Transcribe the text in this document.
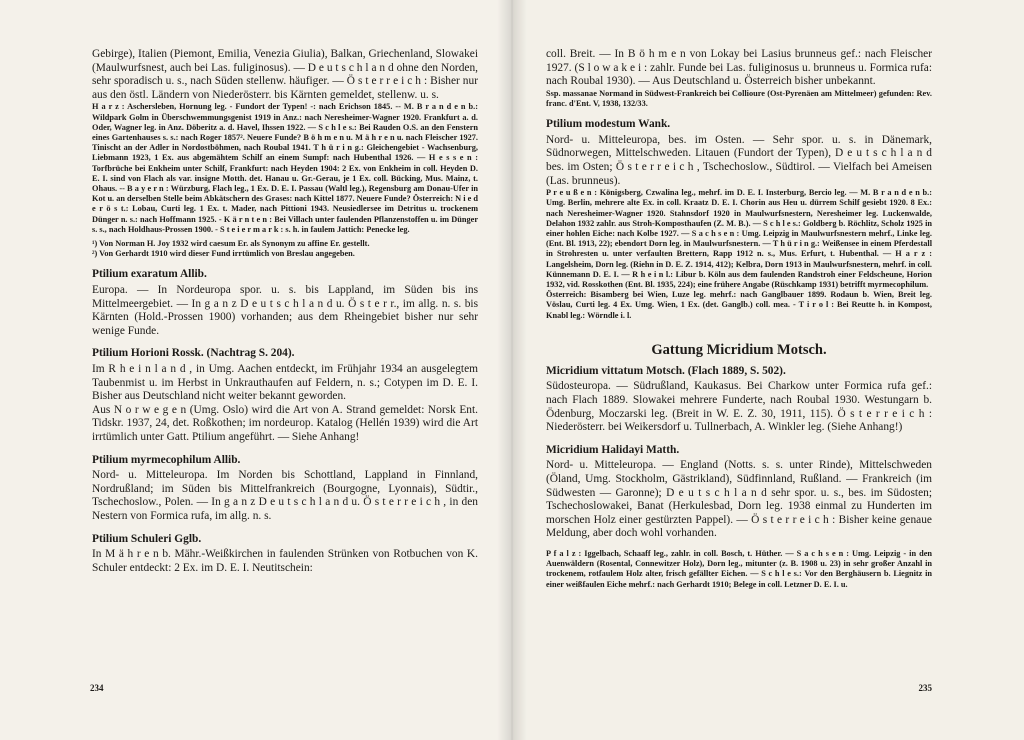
Gebirge), Italien (Piemont, Emilia, Venezia Giulia), Balkan, Griechenland, Slowakei (Maulwurfsnest, auch bei Las. fuliginosus). — D e u t s c h l a n d ohne den Norden, sehr sporadisch u. s., nach Süden stellenw. häufiger. — Ö s t e r r e i c h : Bisher nur aus den östl. Ländern von Niederösterr. bis Kärnten gemeldet, stellenw. u. s.

H a r z : Aschersleben, Hornung leg. - Fundort der Typen! -: nach Erichson 1845. -- M. B r a n d e n b.: Wildpark Golm in Überschwemmungsgenist 1919 in Anz.: nach Neresheimer-Wagner 1920. Frankfurt a. d. Oder, Wagner leg. in Anz. Döberitz a. d. Havel, Ihssen 1922. — S c h l e s.: Bei Rauden O.S. an den Fenstern eines Gartenhauses s. s.: nach Roger 1857². Neuere Funde? B ö h m e n u. M ä h r e n u. nach Fleischer 1927. Tinischt an der Adler in Nordostböhmen, nach Roubal 1941. T h ü r i n g.: Gleichengebiet - Wachsenburg, Liebmann 1923, 1 Ex. aus abgemähtem Schilf an einem Sumpf: nach Hubenthal 1926. — H e s s e n : Torfbrüche bei Enkheim unter Schilf, Frankfurt: nach Heyden 1904: 2 Ex. von Enkheim in coll. Heyden D. E. I. sind von Flach als var. insigne Motth. det. Hanau u. Gr.-Gerau, je 1 Ex. coll. Bücking, Mus. Mainz, t. Ohaus. -- B a y e r n : Würzburg, Flach leg., 1 Ex. D. E. I. Passau (Waltl leg.), Regensburg am Donau-Ufer in Kot u. an derselben Stelle beim Abkätschern des Grases: nach Kittel 1877. Neuere Funde? Österreich: N i e d e r ö s t.: Lobau, Curti leg. 1 Ex. t. Mader, nach Pittioni 1943. Neusiedlersee im Detritus u. trockenem Dünger n. s.: nach Hoffmann 1925. - K ä r n t e n : Bei Villach unter faulenden Pflanzenstoffen u. im Dünger s. s., nach Holdhaus-Prossen 1900. - S t e i e r m a r k : s. h. in faulem Jattich: Penecke leg.

¹) Von Norman H. Joy 1932 wird caesum Er. als Synonym zu affine Er. gestellt.

²) Von Gerhardt 1910 wird dieser Fund irrtümlich von Breslau angegeben.

Ptilium exaratum Allib.

Europa. — In Nordeuropa spor. u. s. bis Lappland, im Süden bis ins Mittelmeergebiet. — In g a n z D e u t s c h l a n d u. Ö s t e r r., im allg. n. s. bis Kärnten (Hold.-Prossen 1900) vorhanden; aus dem Rheingebiet bisher nur sehr wenige Funde.

Ptilium Horioni Rossk. (Nachtrag S. 204).

Im R h e i n l a n d , in Umg. Aachen entdeckt, im Frühjahr 1934 an ausgelegtem Taubenmist u. im Herbst in Unkrauthaufen auf Feldern, n. s.; Cotypen im D. E. I. Bisher aus Deutschland nicht weiter bekannt geworden.

Aus N o r w e g e n (Umg. Oslo) wird die Art von A. Strand gemeldet: Norsk Ent. Tidskr. 1937, 24, det. Roßkothen; im nordeurop. Katalog (Hellén 1939) wird die Art irrtümlich unter Gatt. Ptilium angeführt. — Siehe Anhang!

Ptilium myrmecophilum Allib.

Nord- u. Mitteleuropa. Im Norden bis Schottland, Lappland in Finnland, Nordrußland; im Süden bis Mittelfrankreich (Bourgogne, Lyonnais), Südtir., Tschechoslow., Polen. — In g a n z D e u t s c h l a n d u. Ö s t e r r e i c h , in den Nestern von Formica rufa, im allg. n. s.

Ptilium Schuleri Gglb.

In M ä h r e n b. Mähr.-Weißkirchen in faulenden Strünken von Rotbuchen von K. Schuler entdeckt: 2 Ex. im D. E. I. Neutitschein:

234

coll. Breit. — In B ö h m e n von Lokay bei Lasius brunneus gef.: nach Fleischer 1927. (S l o w a k e i : zahlr. Funde bei Las. fuliginosus u. brunneus u. Formica rufa: nach Roubal 1930). — Aus Deutschland u. Österreich bisher unbekannt.

Ssp. massanae Normand in Südwest-Frankreich bei Collioure (Ost-Pyrenäen am Mittelmeer) gefunden: Rev. franc. d'Ent. V, 1938, 132/33.

Ptilium modestum Wank.

Nord- u. Mitteleuropa, bes. im Osten. — Sehr spor. u. s. in Dänemark, Südnorwegen, Mittelschweden. Litauen (Fundort der Typen), D e u t s c h l a n d bes. im Osten; Ö s t e r r e i c h , Tschechoslow., Südtirol. — Vielfach bei Ameisen (Las. brunneus).

P r e u ß e n : Königsberg, Czwalina leg., mehrf. im D. E. I. Insterburg, Bercio leg. — M. B r a n d e n b.: Umg. Berlin, mehrere alte Ex. in coll. Kraatz D. E. I. Chorin aus Heu u. dürrem Schilf gesiebt 1920. 8 Ex.: nach Neresheimer-Wagner 1920. Stahnsdorf 1920 in Maulwurfsnestern, Neresheimer leg. Luckenwalde, Delahon 1932 zahlr. aus Stroh-Komposthaufen (Z. M. B.). — S c h l e s.: Goldberg b. Röchlitz, Scholz 1925 in einer hohlen Eiche: nach Kolbe 1927. — S a c h s e n : Umg. Leipzig in Maulwurfsnestern mehrf., Linke leg. (Ent. Bl. 1913, 22); ebendort Dorn leg. in Maulwurfsnestern. — T h ü r i n g.: Weißensee in einem Pferdestall in Strohresten u. unter verfaulten Brettern, Rapp 1912 n. s., Mus. Erfurt, t. Hubenthal. — H a r z : Langelsheim, Dorn leg. (Riehn in D. E. Z. 1914, 412); Kelbra, Dorn 1913 in Maulwurfsnestern, mehrf. in coll. Künnemann D. E. I. — R h e i n l.: Libur b. Köln aus dem faulenden Randstroh einer Feldscheune, Horion 1932, vid. Rosskothen (Ent. Bl. 1935, 224); eine frühere Angabe (Rüschkamp 1931) betrifft myrmecophilum.

Österreich: Bisamberg bei Wien, Luze leg. mehrf.: nach Ganglbauer 1899. Rodaun b. Wien, Breit leg. Vöslau, Curti leg. 4 Ex. Umg. Wien, 1 Ex. (det. Ganglb.) coll. mea. - T i r o l : Bei Reutte h. in Kompost, Knabl leg.: Wörndle i. l.

Gattung Micridium Motsch.

Micridium vittatum Motsch. (Flach 1889, S. 502).

Südosteuropa. — Südrußland, Kaukasus. Bei Charkow unter Formica rufa gef.: nach Flach 1889. Slowakei mehrere Funderte, nach Roubal 1930. Westungarn b. Ödenburg, Moczarski leg. (Breit in W. E. Z. 30, 1911, 115). Ö s t e r r e i c h : Niederösterr. bei Weikersdorf u. Tullnerbach, A. Winkler leg. (Siehe Anhang!)

Micridium Halidayi Matth.

Nord- u. Mitteleuropa. — England (Notts. s. s. unter Rinde), Mittelschweden (Öland, Umg. Stockholm, Gästrikland), Südfinnland, Rußland. — Frankreich (im Südwesten — Garonne); D e u t s c h l a n d sehr spor. u. s., bes. im Südosten; Tschechoslowakei, Banat (Herkulesbad, Dorn leg. 1938 einmal zu Hunderten im morschen Holz einer gestürzten Pappel). — Ö s t e r r e i c h : Bisher keine genaue Meldung, aber doch wohl vorhanden.

P f a l z : Iggelbach, Schaaff leg., zahlr. in coll. Bosch, t. Hüther. — S a c h s e n : Umg. Leipzig - in den Auenwäldern (Rosental, Connewitzer Holz), Dorn leg., mitunter (z. B. 1908 u. 23) in sehr großer Anzahl in trockenem, rotfaulem Holz alter, frisch gefällter Eichen. — S c h l e s.: Vor den Berghäusern b. Liegnitz in einer weißfaulen Eiche mehrf.: nach Gerhardt 1910; Belege in coll. Letzner D. E. I. u.

235
